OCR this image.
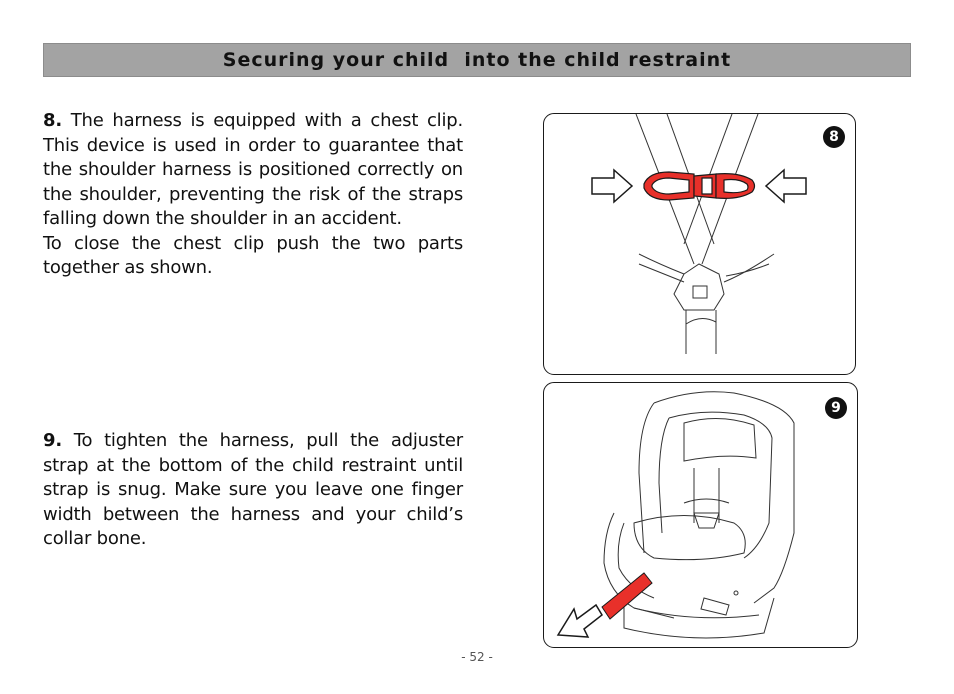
Securing your child  into the child restraint

8. The harness is equipped with a chest clip. This device is used in order to guarantee that the shoulder harness is positioned correctly on the shoulder, preventing the risk of the straps falling down the shoulder in an accident.

To close the chest clip push the two parts together as shown.

9. To tighten the harness, pull the adjuster strap at the bottom of the child restraint until strap is snug. Make sure you leave one finger width between the harness and your child’s collar bone.

8
9
- 52 -
